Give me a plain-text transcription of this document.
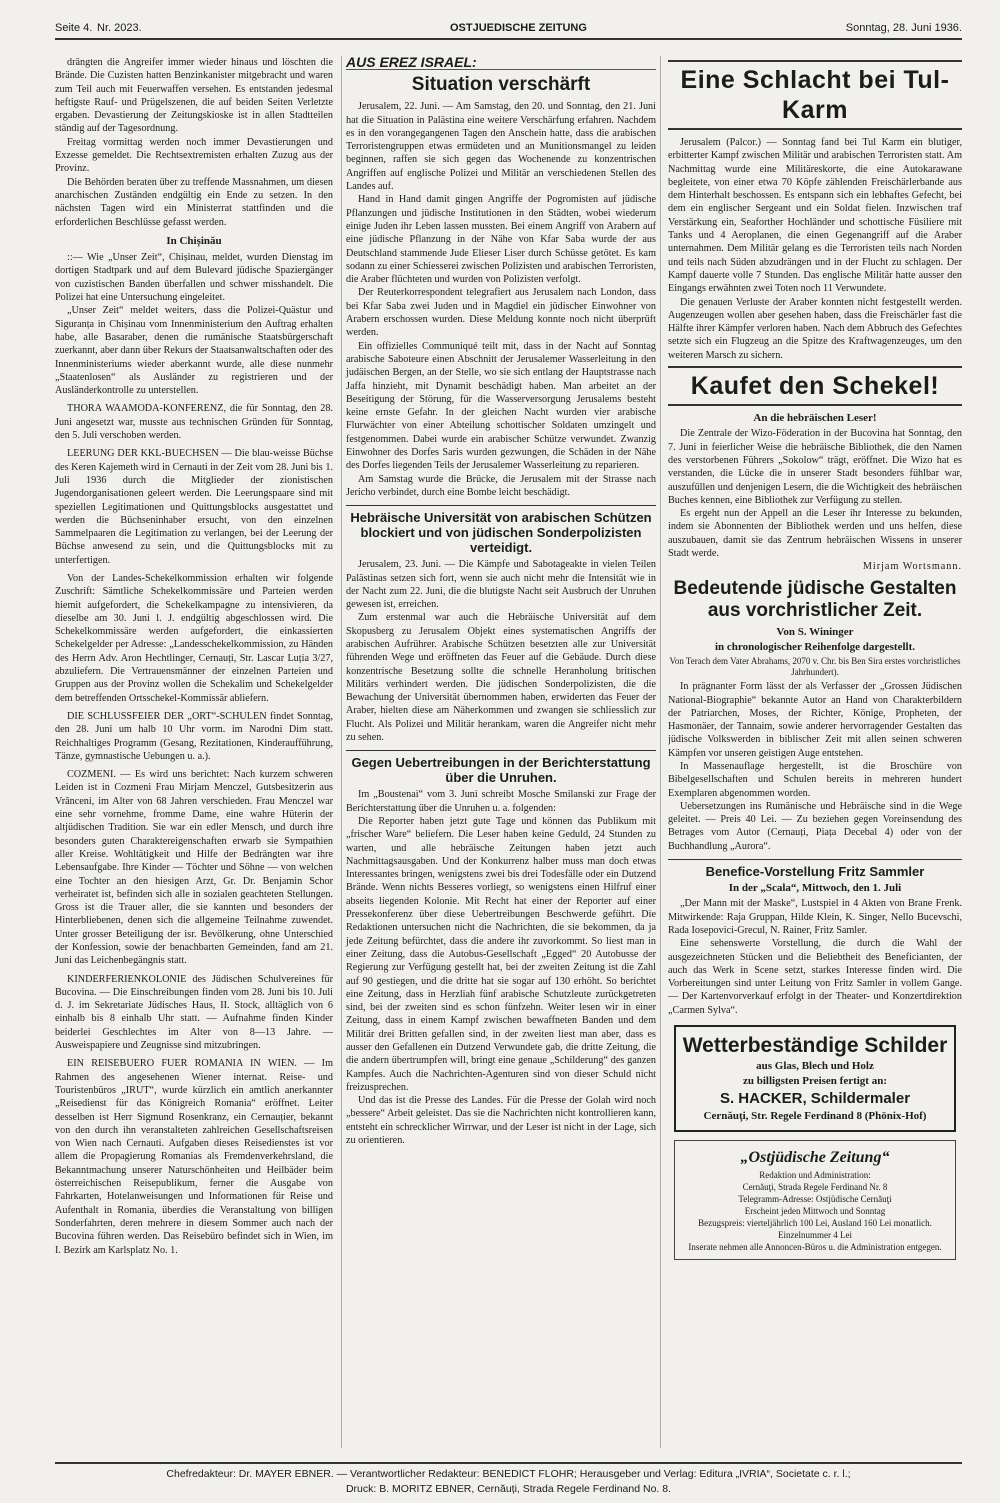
Seite 4. Nr. 2023.	OSTJUEDISCHE ZEITUNG	Sonntag, 28. Juni 1936.
drängten die Angreifer immer wieder hinaus und löschten die Brände. Die Cuzisten hatten Benzinkanister mitgebracht und waren zum Teil auch mit Feuerwaffen versehen. Es entstanden jedesmal heftigste Rauf- und Prügelszenen, die auf beiden Seiten Verletzte ergaben. Devastierung der Zeitungskioske ist in allen Stadtteilen ständig auf der Tagesordnung.
Freitag vormittag werden noch immer Devastierungen und Exzesse gemeldet. Die Rechtsextremisten erhalten Zuzug aus der Provinz.
Die Behörden beraten über zu treffende Massnahmen, um diesen anarchischen Zuständen endgültig ein Ende zu setzen. In den nächsten Tagen wird ein Ministerrat stattfinden und die erforderlichen Beschlüsse gefasst werden.
In Chișinău
::— Wie „Unser Zeit“, Chișinau, meldet, wurden Dienstag im dortigen Stadtpark und auf dem Bulevard jüdische Spaziergänger von cuzistischen Banden überfallen und schwer misshandelt. Die Polizei hat eine Untersuchung eingeleitet.
„Unser Zeit“ meldet weiters, dass die Polizei-Quästur und Siguranța in Chișinau vom Innenministerium den Auftrag erhalten habe, alle Basaraber, denen die rumänische Staatsbürgerschaft zuerkannt, aber dann über Rekurs der Staatsanwaltschaften oder des Innenministeriums wieder aberkannt wurde, alle diese nunmehr „Staatenlosen“ als Ausländer zu registrieren und der Ausländerkontrolle zu unterstellen.
THORA WAAMODA-KONFERENZ, die für Sonntag, den 28. Juni angesetzt war, musste aus technischen Gründen für Sonntag, den 5. Juli verschoben werden.
LEERUNG DER KKL-BUECHSEN — Die blau-weisse Büchse des Keren Kajemeth wird in Cernauti in der Zeit vom 28. Juni bis 1. Juli 1936 durch die Mitglieder der zionistischen Jugendorganisationen geleert werden. Die Leerungspaare sind mit speziellen Legitimationen und Quittungsblocks ausgestattet und werden die Büchseninhaber ersucht, von den einzelnen Sammelpaaren die Legitimation zu verlangen, bei der Leerung der Büchse anwesend zu sein, und die Quittungsblocks mit zu unterfertigen.
Von der Landes-Schekelkommission erhalten wir folgende Zuschrift: Sämtliche Schekelkommissäre und Parteien werden hiemit aufgefordert, die Schekelkampagne zu intensivieren, da dieselbe am 30. Juni l. J. endgültig abgeschlossen wird. Die Schekelkommissäre werden aufgefordert, die einkassierten Schekelgelder per Adresse: „Landesschekelkommission, zu Händen des Herrn Adv. Aron Hechtlinger, Cernauți, Str. Lascar Luția 3/27, abzuliefern. Die Vertrauensmänner der einzelnen Parteien und Gruppen aus der Provinz wollen die Schekalim und Schekelgelder dem betreffenden Ortsschekel-Kommissär abliefern.
DIE SCHLUSSFEIER DER „ORT“-SCHULEN findet Sonntag, den 28. Juni um halb 10 Uhr vorm. im Narodni Dim statt. Reichhaltiges Programm (Gesang, Rezitationen, Kinderaufführung, Tänze, gymnastische Uebungen u. a.).
COZMENI. — Es wird uns berichtet: Nach kurzem schweren Leiden ist in Cozmeni Frau Mirjam Menczel, Gutsbesitzerin aus Vrânceni, im Alter von 68 Jahren verschieden. Frau Menczel war eine sehr vornehme, fromme Dame, eine wahre Hüterin der altjüdischen Tradition. Sie war ein edler Mensch, und durch ihre besonders guten Charaktereigenschaften erwarb sie Sympathien aller Kreise. Wohltätigkeit und Hilfe der Bedrängten war ihre Lebensaufgabe. Ihre Kinder — Töchter und Söhne — von welchen eine Tochter an den hiesigen Arzt, Gr. Dr. Benjamin Schor verheiratet ist, befinden sich alle in sozialen geachteten Stellungen. Gross ist die Trauer aller, die sie kannten und besonders der Hinterbliebenen, denen sich die allgemeine Teilnahme zuwendet. Unter grosser Beteiligung der isr. Bevölkerung, ohne Unterschied der Konfession, sowie der benachbarten Gemeinden, fand am 21. Juni das Leichenbegängnis statt.
KINDERFERIENKOLONIE des Jüdischen Schulvereines für Bucovina. — Die Einschreibungen finden vom 28. Juni bis 10. Juli d. J. im Sekretariate Jüdisches Haus, II. Stock, alltäglich von 6 einhalb bis 8 einhalb Uhr statt. — Aufnahme finden Kinder beiderlei Geschlechtes im Alter von 8—13 Jahre. — Ausweispapiere und Zeugnisse sind mitzubringen.
EIN REISEBUERO FUER ROMANIA IN WIEN. — Im Rahmen des angesehenen Wiener internat. Reise- und Touristenbüros „IRUT“, wurde kürzlich ein amtlich anerkannter „Reisedienst für das Königreich Romania“ eröffnet. Leiter desselben ist Herr Sigmund Rosenkranz, ein Cernauțier, bekannt von den durch ihn veranstalteten zahlreichen Gesellschaftsreisen von Wien nach Cernauti. Aufgaben dieses Reisedienstes ist vor allem die Propagierung Romanias als Fremdenverkehrsland, die Bekanntmachung unserer Naturschönheiten und Heilbäder beim österreichischen Reisepublikum, ferner die Ausgabe von Fahrkarten, Hotelanweisungen und Informationen für Reise und Aufenthalt in Romania, überdies die Veranstaltung von billigen Sonderfahrten, deren mehrere in diesem Sommer auch nach der Bucovina führen werden. Das Reisebüro befindet sich in Wien, im I. Bezirk am Karlsplatz No. 1.
AUS EREZ ISRAEL:
Situation verschärft
Jerusalem, 22. Juni. — Am Samstag, den 20. und Sonntag, den 21. Juni hat die Situation in Palästina eine weitere Verschärfung erfahren. Nachdem es in den vorangegangenen Tagen den Anschein hatte, dass die arabischen Terroristengruppen etwas ermüdeten und an Munitionsmangel zu leiden beginnen, raffen sie sich gegen das Wochenende zu konzentrischen Angriffen auf englische Polizei und Militär an verschiedenen Stellen des Landes auf.
Hand in Hand damit gingen Angriffe der Pogromisten auf jüdische Pflanzungen und jüdische Institutionen in den Städten, wobei wiederum einige Juden ihr Leben lassen mussten. Bei einem Angriff von Arabern auf eine jüdische Pflanzung in der Nähe von Kfar Saba wurde der aus Deutschland stammende Jude Elieser Liser durch Schüsse getötet. Es kam sodann zu einer Schiesserei zwischen Polizisten und arabischen Terroristen, die Araber flüchteten und wurden von Polizisten verfolgt.
Der Reuterkorrespondent telegrafiert aus Jerusalem nach London, dass bei Kfar Saba zwei Juden und in Magdiel ein jüdischer Einwohner von Arabern erschossen wurden. Diese Meldung konnte noch nicht überprüft werden.
Ein offizielles Communiqué teilt mit, dass in der Nacht auf Sonntag arabische Saboteure einen Abschnitt der Jerusalemer Wasserleitung in den judäischen Bergen, an der Stelle, wo sie sich entlang der Hauptstrasse nach Jaffa hinzieht, mit Dynamit beschädigt haben. Man arbeitet an der Beseitigung der Störung, für die Wasserversorgung Jerusalems besteht keine ernste Gefahr. In der gleichen Nacht wurden vier arabische Flurwächter von einer Abteilung schottischer Soldaten umzingelt und festgenommen. Dabei wurde ein arabischer Schütze verwundet. Zwanzig Einwohner des Dorfes Saris wurden gezwungen, die Schäden in der Nähe des Dorfes liegenden Teils der Jerusalemer Wasserleitung zu reparieren.
Am Samstag wurde die Brücke, die Jerusalem mit der Strasse nach Jericho verbindet, durch eine Bombe leicht beschädigt.
Hebräische Universität von arabischen Schützen blockiert und von jüdischen Sonderpolizisten verteidigt.
Jerusalem, 23. Juni. — Die Kämpfe und Sabotageakte in vielen Teilen Palästinas setzen sich fort, wenn sie auch nicht mehr die Intensität wie in der Nacht zum 22. Juni, die die blutigste Nacht seit Ausbruch der Unruhen gewesen ist, erreichen.
Zum erstenmal war auch die Hebräische Universität auf dem Skopusberg zu Jerusalem Objekt eines systematischen Angriffs der arabischen Aufrührer. Arabische Schützen besetzten alle zur Universität führenden Wege und eröffneten das Feuer auf die Gebäude. Durch diese konzentrische Besetzung sollte die schnelle Heranholung britischen Militärs verhindert werden. Die jüdischen Sonderpolizisten, die die Bewachung der Universität übernommen haben, erwiderten das Feuer der Araber, hielten diese am Näherkommen und zwangen sie schliesslich zur Flucht. Als Polizei und Militär herankam, waren die Angreifer nicht mehr zu sehen.
Gegen Uebertreibungen in der Berichterstattung über die Unruhen.
Im „Boustenai“ vom 3. Juni schreibt Mosche Smilanski zur Frage der Berichterstattung über die Unruhen u. a. folgenden:
Die Reporter haben jetzt gute Tage und können das Publikum mit „frischer Ware“ beliefern. Die Leser haben keine Geduld, 24 Stunden zu warten, und alle hebräische Zeitungen haben jetzt auch Nachmittagsausgaben. Und der Konkurrenz halber muss man doch etwas Interessantes bringen, wenigstens zwei bis drei Todesfälle oder ein Dutzend Brände. Wenn nichts Besseres vorliegt, so wenigstens einen Hilfruf einer abseits liegenden Kolonie. Mit Recht hat einer der Reporter auf einer Pressekonferenz über diese Uebertreibungen Beschwerde geführt. Die Redaktionen untersuchen nicht die Nachrichten, die sie bekommen, da ja jede Zeitung befürchtet, dass die andere ihr zuvorkommt. So liest man in einer Zeitung, dass die Autobus-Gesellschaft „Egged“ 20 Autobusse der Regierung zur Verfügung gestellt hat, bei der zweiten Zeitung ist die Zahl auf 90 gestiegen, und die dritte hat sie sogar auf 130 erhöht. So berichtet eine Zeitung, dass in Herzliah fünf arabische Schutzleute zurückgetreten sind, bei der zweiten sind es schon fünfzehn. Weiter lesen wir in einer Zeitung, dass in einem Kampf zwischen bewaffneten Banden und dem Militär drei Britten gefallen sind, in der zweiten liest man aber, dass es ausser den Gefallenen ein Dutzend Verwundete gab, die dritte Zeitung, die die andern übertrumpfen will, bringt eine genaue „Schilderung“ des ganzen Kampfes. Auch die Nachrichten-Agenturen sind von dieser Schuld nicht freizusprechen.
Und das ist die Presse des Landes. Für die Presse der Golah wird noch „bessere“ Arbeit geleistet. Das sie die Nachrichten nicht kontrollieren kann, entsteht ein schrecklicher Wirrwar, und der Leser ist nicht in der Lage, sich zu orientieren.
Eine Schlacht bei Tul-Karm
Jerusalem (Palcor.) — Sonntag fand bei Tul Karm ein blutiger, erbitterter Kampf zwischen Militär und arabischen Terroristen statt. Am Nachmittag wurde eine Militäreskorte, die eine Autokarawane begleitete, von einer etwa 70 Köpfe zählenden Freischärlerbande aus dem Hinterhalt beschossen. Es entspann sich ein lebhaftes Gefecht, bei dem ein englischer Sergeant und ein Soldat fielen. Inzwischen traf Verstärkung ein, Seaforther Hochländer und schottische Füsiliere mit Tanks und 4 Aeroplanen, die einen Gegenangriff auf die Araber unternahmen. Dem Militär gelang es die Terroristen teils nach Norden und teils nach Süden abzudrängen und in der Flucht zu schlagen. Der Kampf dauerte volle 7 Stunden. Das englische Militär hatte ausser den Eingangs erwähnten zwei Toten noch 11 Verwundete.
Die genauen Verluste der Araber konnten nicht festgestellt werden. Augenzeugen wollen aber gesehen haben, dass die Freischärler fast die Hälfte ihrer Kämpfer verloren haben. Nach dem Abbruch des Gefechtes setzte sich ein Flugzeug an die Spitze des Kraftwagenzeuges, um den weiteren Marsch zu sichern.
Kaufet den Schekel!
An die hebräischen Leser!
Die Zentrale der Wizo-Föderation in der Bucovina hat Sonntag, den 7. Juni in feierlicher Weise die hebräische Bibliothek, die den Namen des verstorbenen Führers „Sokolow“ trägt, eröffnet. Die Wizo hat es verstanden, die Lücke die in unserer Stadt besonders fühlbar war, auszufüllen und denjenigen Lesern, die die Wichtigkeit des hebräischen Buches kennen, eine Bibliothek zur Verfügung zu stellen.
Es ergeht nun der Appell an die Leser ihr Interesse zu bekunden, indem sie Abonnenten der Bibliothek werden und uns helfen, diese auszubauen, damit sie das Zentrum hebräischen Wissens in unserer Stadt werde.
Mirjam Wortsmann.
Bedeutende jüdische Gestalten aus vorchristlicher Zeit.
Von S. Wininger
in chronologischer Reihenfolge dargestellt.
Von Terach dem Vater Abrahams, 2070 v. Chr. bis Ben Sira erstes vorchristliches Jahrhundert).
In prägnanter Form lässt der als Verfasser der „Grossen Jüdischen National-Biographie“ bekannte Autor an Hand von Charakterbildern der Patriarchen, Moses, der Richter, Könige, Propheten, der Hasmonäer, der Tannaim, sowie anderer hervorragender Gestalten das jüdische Volkswerden in biblischer Zeit mit allen seinen schweren Kämpfen vor unseren geistigen Auge entstehen.
In Massenauflage hergestellt, ist die Broschüre von Bibelgesellschaften und Schulen bereits in mehreren hundert Exemplaren abgenommen worden.
Uebersetzungen ins Rumänische und Hebräische sind in die Wege geleitet. — Preis 40 Lei. — Zu beziehen gegen Voreinsendung des Betrages vom Autor (Cernauți, Piața Decebal 4) oder von der Buchhandlung „Aurora“.
Benefice-Vorstellung Fritz Sammler
In der „Scala“, Mittwoch, den 1. Juli
„Der Mann mit der Maske“, Lustspiel in 4 Akten von Brane Frenk. Mitwirkende: Raja Gruppan, Hilde Klein, K. Singer, Nello Bucevschi, Rada Iosepovici-Grecul, N. Rainer, Fritz Samler.
Eine sehenswerte Vorstellung, die durch die Wahl der ausgezeichneten Stücken und die Beliebtheit des Beneficianten, der auch das Werk in Scene setzt, starkes Interesse finden wird. Die Vorbereitungen sind unter Leitung von Fritz Samler in vollem Gange. — Der Kartenvorverkauf erfolgt in der Theater- und Konzertdirektion „Carmen Sylva“.
Wetterbeständige Schilder
aus Glas, Blech und Holz
zu billigsten Preisen fertigt an:
S. HACKER, Schildermaler
Cernăuţi, Str. Regele Ferdinand 8 (Phönix-Hof)
„Ostjüdische Zeitung“
Redaktion und Administration:
Cernăuţi, Strada Regele Ferdinand Nr. 8
Telegramm-Adresse: Ostjüdische Cernăuţi
Erscheint jeden Mittwoch und Sonntag
Bezugspreis: vierteljährlich 100 Lei, Ausland 160 Lei monatlich. Einzelnummer 4 Lei
Inserate nehmen alle Annoncen-Büros u. die Administration entgegen.
Chefredakteur: Dr. MAYER EBNER. — Verantwortlicher Redakteur: BENEDICT FLOHR; Herausgeber und Verlag: Editura „IVRIA“, Societate c. r. l.;
Druck: B. MORITZ EBNER, Cernăuți, Strada Regele Ferdinand No. 8.
